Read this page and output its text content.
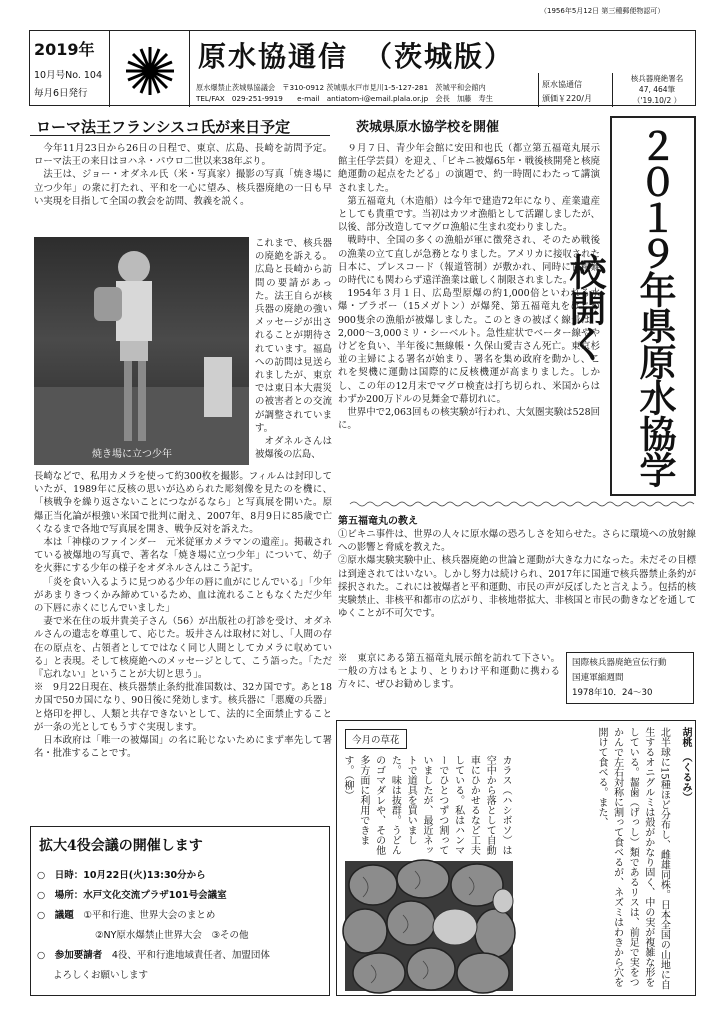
（1956年5月12日 第三種郵便物認可）
2019年
10月号No. 104
毎月6日発行
原水協通信　（茨城版）
原水爆禁止茨城県協議会　〒310-0912 茨城県水戸市見川1-5-127-281　茨城平和会館内
TEL/FAX　029-251-9919　　e-mail　antiatom-i@email.plala.or.jp　会長　加藤　寿生
原水協通信
頒価￥220/月
核兵器廃絶署名
47, 464筆
（'19.10/2 ）
ローマ法王フランシスコ氏が来日予定

今年11月23日から26日の日程で、東京、広島、長崎を訪問予定。ローマ法王の来日はヨハネ・パウロ二世以来38年ぶり。

法王は、ジョー・オダネル氏（米・写真家）撮影の写真「焼き場に立つ少年」の衆に打たれ、平和を一心に望み、核兵器廃絶の一日も早い実現を目指して全国の教会を訪問、教義を説く。

焼き場に立つ少年

これまで、核兵器の廃絶を訴える。広島と長崎から訪問の要請があった。法王自らが核兵器の廃絶の強いメッセージが出されることが期待されています。福島への訪問は見送られましたが、東京では東日本大震災の被害者との交流が調整されています。

オダネルさんは被爆後の広島、

長崎などで、私用カメラを使って約300枚を撮影。フィルムは封印していたが、1989年に反核の思いが込められた彫刻像を見たのを機に、「核戦争を繰り返さないことにつながるなら」と写真展を開いた。原爆正当化論が根強い米国で批判に耐え、2007年、8月9日に85歳で亡くなるまで各地で写真展を開き、戦争反対を訴えた。

本は「神様のファインダー　元米従軍カメラマンの遺産」。掲載されている被爆地の写真で、著名な「焼き場に立つ少年」について、幼子を火葬にする少年の様子をオダネルさんはこう記す。

「炎を食い入るように見つめる少年の唇に血がにじんでいる」「少年があまりきつくかみ締めているため、血は流れることもなくただ少年の下唇に赤くにじんでいました」

妻で米在住の坂井貴美子さん（56）が出版社の打診を受け、オダネルさんの遺志を尊重して、応じた。坂井さんは取材に対し、「人間の存在の原点を、占領者としてではなく同じ人間としてカメラに収めている」と表現。そして核廃絶へのメッセージとして、こう語った。「ただ『忘れない』ということが大切と思う」。

※　9月22日現在、核兵器禁止条約批准国数は、32カ国です。あと18カ国で50カ国になり、90日後に発効します。核兵器に「悪魔の兵器」と烙印を押し、人類と共存できないとして、法的に全面禁止することが一条の光としてもうすぐ実現します。

日本政府は「唯一の被爆国」の名に恥じないためにまず率先して署名・批准することです。

拡大4役会議の開催します
○　日時：10月22日(火)13:30分から
○　場所：水戸文化交流プラザ101号会議室
○　議題　 ①平和行進、世界大会のまとめ
②NY原水爆禁止世界大会　 ③その他
○　参加要請者　 4役、平和行進地域責任者、加盟団体
よろしくお願いします
茨城県原水協学校を開催

９月７日、青少年会館に安田和也氏（都立第五福竜丸展示館主任学芸員）を迎え、「ビキニ被爆65年・戦後核開発と核廃絶運動の起点をたどる」の演題で、約一時間にわたって講演されました。

第五福竜丸（木造船）は今年で建造72年になり、産業遺産としても貴重です。当初はカツオ漁船として活躍しましたが、以後、部分改造してマグロ漁船に生まれ変わりました。

戦時中、全国の多くの漁船が軍に徴発され、そのため戦後の漁業の立て直しが急務となりました。アメリカに接収された日本に、プレスコード（報道管制）が敷かれ、同時に食糧難の時代にも関わらず遠洋漁業は厳しく制限されました。

1954年３月１日、広島型原爆の約1,000倍といわれる水爆・ブラボー（15メガトン）が爆発、第五福竜丸をはじめ900隻余の漁船が被爆しました。このときの被ばく線量は、2,000～3,000ミリ・シーベルト。急性症状でベーター線ややけどを負い、半年後に無線帳・久保山愛吉さん死亡。東京杉並の主婦による署名が始まり、署名を集め政府を動かし、これを契機に運動は国際的に反核機運が高まりました。しかし、この年の12月末でマグロ検査は打ち切られ、米国からはわずか200万ドルの見舞金で幕切れに。

世界中で2,063回もの核実験が行われ、大気圏実験は528回に。	２０１９年県原水協学校開く
第五福竜丸の教え

①ビキニ事件は、世界の人々に原水爆の恐ろしさを知らせた。さらに環境への放射線への影響と脅威を教えた。

②原水爆実験実験中止、核兵器廃絶の世論と運動が大きな力になった。未だその目標は到達されてはいない。しかし努力は続けられ、2017年に国連で核兵器禁止条約が採択された。これには被爆者と平和運動、市民の声が反ぼしたと言えよう。包括的核実験禁止、非核平和都市の広がり、非核地帯拡大、非核国と市民の動きなどを通してゆくことが不可欠です。

※　東京にある第五福竜丸展示館を訪れて下さい。一般の方はもとより、とりわけ平和運動に携わる方々に、ぜひお勧めします。
国際核兵器廃絶宣伝行動
国連軍縮週間
1978年10．24～30
今月の草花	胡桃　（くるみ）
北半球に15種ほど分布し、雌雄同株。日本全国の山地に自生するオニグルミは殻がかなり固く、中の実が複雑な形をしている。齧歯（げっし）類であるリスは、前足で実をつかんで左右対称に割って食べるが、ネズミはわきから穴を開けて食べる。また、
カラス（ハシボソ）は空中から落として自動車にひかせるなど工夫している。私はハンマーでひとつずつ割っていましたが、最近ネットで道具を買いました。味は抜群。うどんのゴマダレや、その他多方面に利用できます。（柳）
